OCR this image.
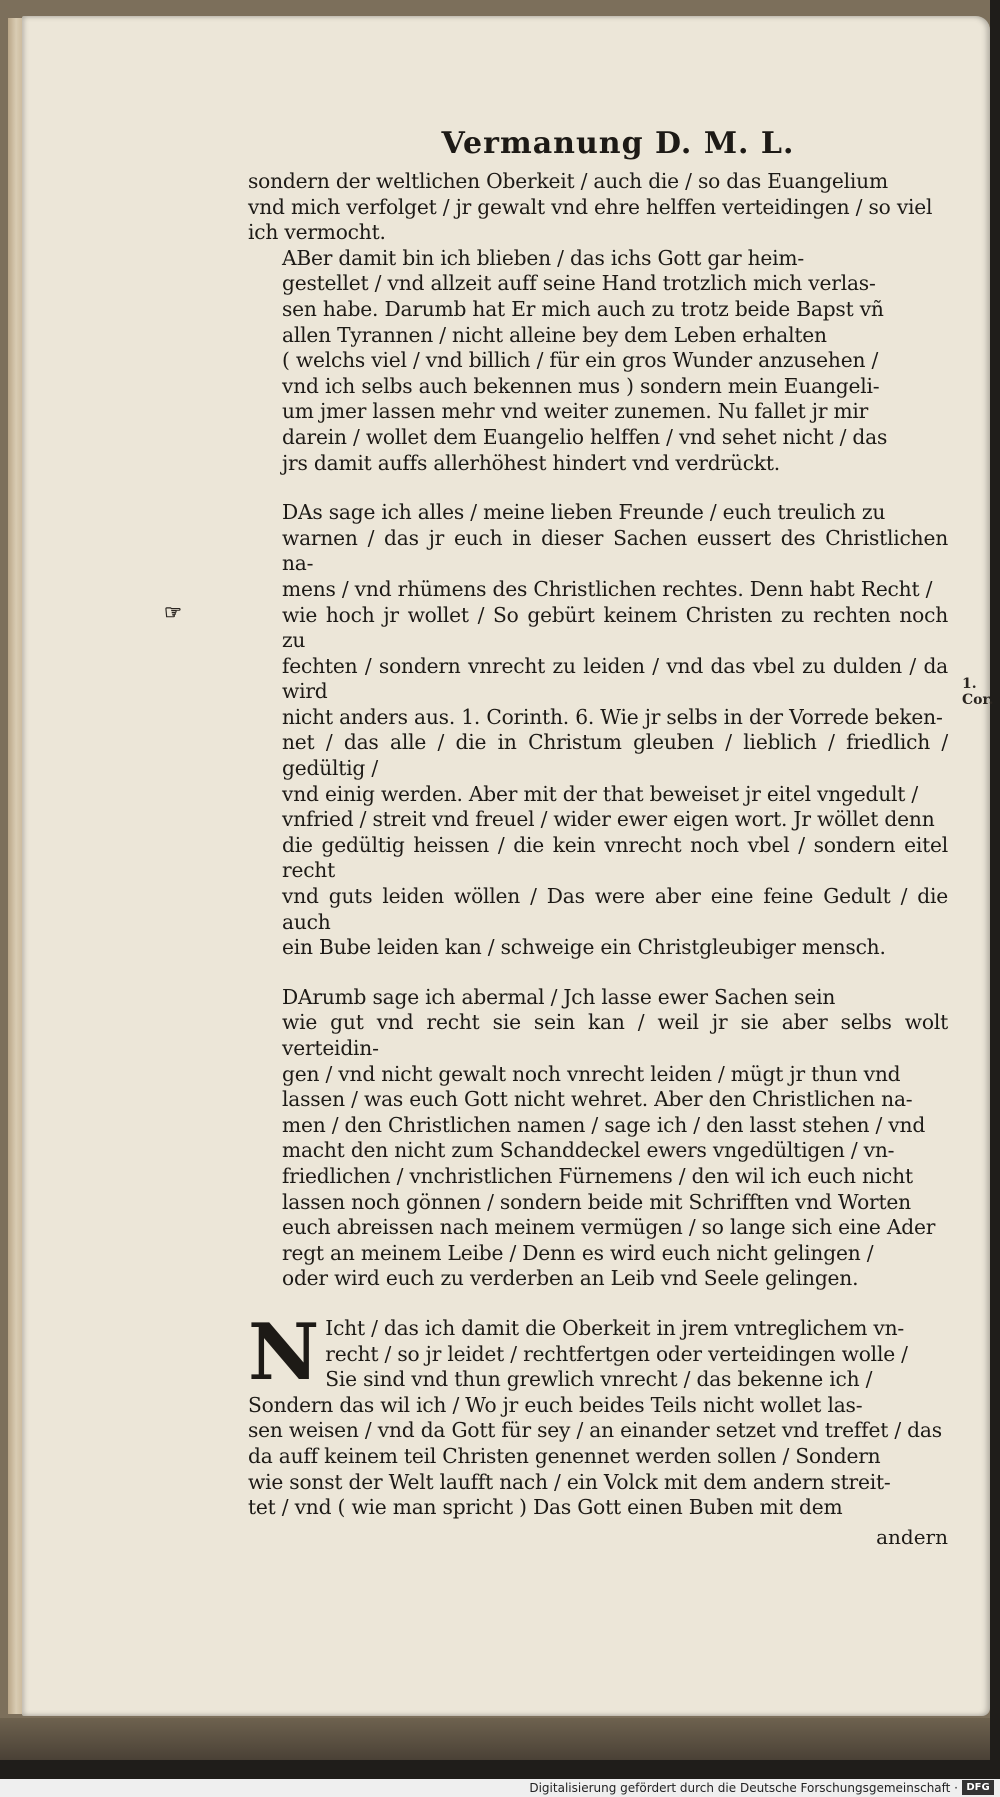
☞
1. Cor.
Vermanung D. M. L.

sondern der weltlichen Oberkeit / auch die / so das Euangelium
vnd mich verfolget / jr gewalt vnd ehre helffen verteidingen / so viel
ich vermocht.

ABer damit bin ich blieben / das ichs Gott gar heim-
gestellet / vnd allzeit auff seine Hand trotzlich mich verlas-
sen habe. Darumb hat Er mich auch zu trotz beide Bapst vñ
allen Tyrannen / nicht alleine bey dem Leben erhalten
( welchs viel / vnd billich / für ein gros Wunder anzusehen /
vnd ich selbs auch bekennen mus ) sondern mein Euangeli-
um jmer lassen mehr vnd weiter zunemen. Nu fallet jr mir
darein / wollet dem Euangelio helffen / vnd sehet nicht / das
jrs damit auffs allerhöhest hindert vnd verdrückt.

DAs sage ich alles / meine lieben Freunde / euch treulich zu
warnen / das jr euch in dieser Sachen eussert des Christlichen na-
mens / vnd rhümens des Christlichen rechtes. Denn habt Recht /
wie hoch jr wollet / So gebürt keinem Christen zu rechten noch zu
fechten / sondern vnrecht zu leiden / vnd das vbel zu dulden / da wird
nicht anders aus. 1. Corinth. 6. Wie jr selbs in der Vorrede beken-
net / das alle / die in Christum gleuben / lieblich / friedlich / gedültig /
vnd einig werden. Aber mit der that beweiset jr eitel vngedult /
vnfried / streit vnd freuel / wider ewer eigen wort. Jr wöllet denn
die gedültig heissen / die kein vnrecht noch vbel / sondern eitel recht
vnd guts leiden wöllen / Das were aber eine feine Gedult / die auch
ein Bube leiden kan / schweige ein Christgleubiger mensch.

DArumb sage ich abermal / Jch lasse ewer Sachen sein
wie gut vnd recht sie sein kan / weil jr sie aber selbs wolt verteidin-
gen / vnd nicht gewalt noch vnrecht leiden / mügt jr thun vnd
lassen / was euch Gott nicht wehret. Aber den Christlichen na-
men / den Christlichen namen / sage ich / den lasst stehen / vnd
macht den nicht zum Schanddeckel ewers vngedültigen / vn-
friedlichen / vnchristlichen Fürnemens / den wil ich euch nicht
lassen noch gönnen / sondern beide mit Schrifften vnd Worten
euch abreissen nach meinem vermügen / so lange sich eine Ader
regt an meinem Leibe / Denn es wird euch nicht gelingen /
oder wird euch zu verderben an Leib vnd Seele gelingen.

N Icht / das ich damit die Oberkeit in jrem vntreglichem vn-
recht / so jr leidet / rechtfertgen oder verteidingen wolle /
Sie sind vnd thun grewlich vnrecht / das bekenne ich /
Sondern das wil ich / Wo jr euch beides Teils nicht wollet las-
sen weisen / vnd da Gott für sey / an einander setzet vnd treffet / das
da auff keinem teil Christen genennet werden sollen / Sondern
wie sonst der Welt laufft nach / ein Volck mit dem andern streit-
tet / vnd ( wie man spricht ) Das Gott einen Buben mit dem

andern
Digitalisierung gefördert durch die Deutsche Forschungsgemeinschaft · DFG
